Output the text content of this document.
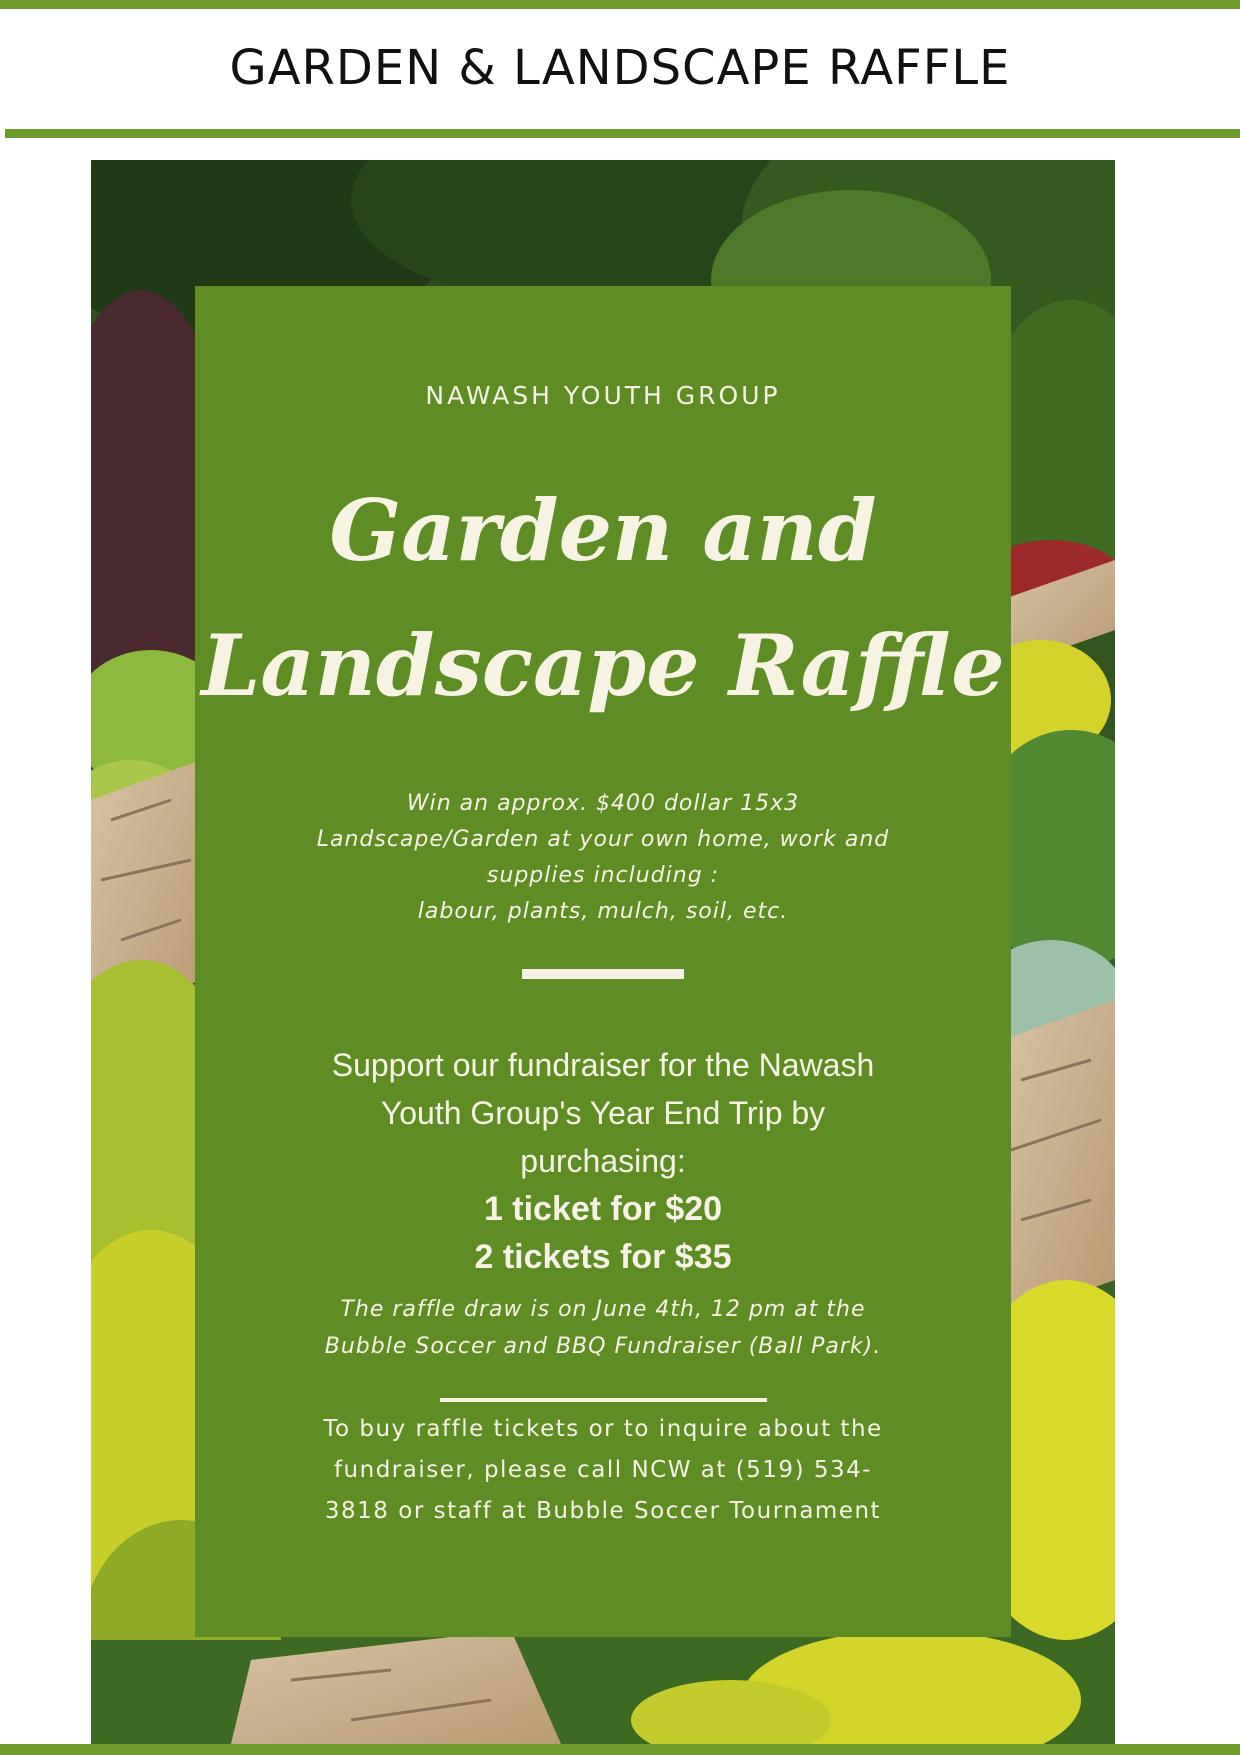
GARDEN & LANDSCAPE RAFFLE
NAWASH YOUTH GROUP
Garden and
Landscape Raffle
Win an approx. $400 dollar 15x3
Landscape/Garden at your own home, work and
supplies including :
labour, plants, mulch, soil, etc.
Support our fundraiser for the Nawash
Youth Group's Year End Trip by
purchasing:
1 ticket for $20
2 tickets for $35
The raffle draw is on June 4th, 12 pm at the
Bubble Soccer and BBQ Fundraiser (Ball Park).
To buy raffle tickets or to inquire about the
fundraiser, please call NCW at (519) 534-
3818 or staff at Bubble Soccer Tournament
